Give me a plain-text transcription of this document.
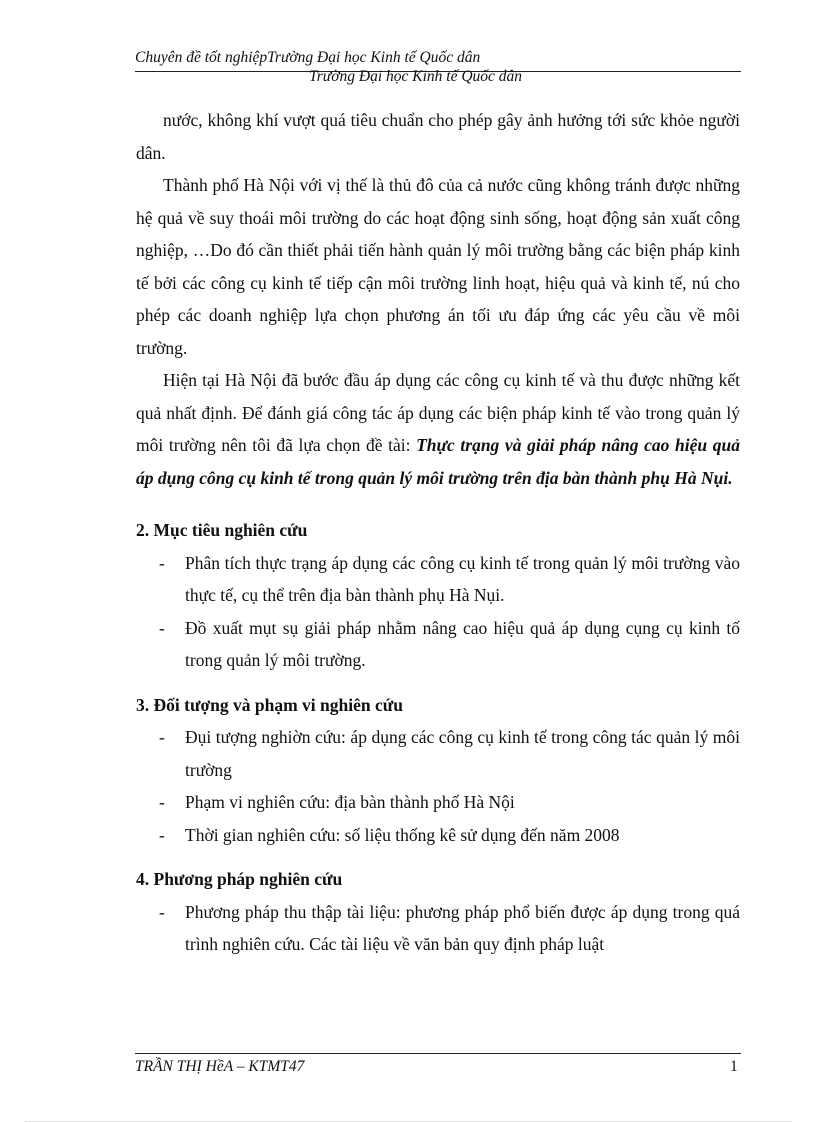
Chuyên đề tốt nghiệpTrường Đại học Kinh tế Quốc dân
Trường Đại học Kinh tế Quốc dân

nước, không khí vượt quá tiêu chuẩn cho phép gây ảnh hưởng tới sức khỏe người dân.

Thành phố Hà Nội với vị thế là thủ đô của cả nước cũng không tránh được những hệ quả về suy thoái môi trường do các hoạt động sinh sống, hoạt động sản xuất công nghiệp, …Do đó cần thiết phải tiến hành quản lý môi trường bằng các biện pháp kinh tế bởi các công cụ kinh tế tiếp cận môi trường linh hoạt, hiệu quả và kinh tế, nú cho phép các doanh nghiệp lựa chọn phương án tối ưu đáp ứng các yêu cầu về môi trường.

Hiện tại Hà Nội đã bước đầu áp dụng các công cụ kinh tế và thu được những kết quả nhất định. Để đánh giá công tác áp dụng các biện pháp kinh tế vào trong quản lý môi trường nên tôi đã lựa chọn đề tài: Thực trạng và giải pháp nâng cao hiệu quả áp dụng công cụ kinh tế trong quản lý môi trường trên địa bàn thành phụ Hà Nụi.

2. Mục tiêu nghiên cứu

- Phân tích thực trạng áp dụng các công cụ kinh tế trong quản lý môi trường vào thực tế, cụ thể trên địa bàn thành phụ Hà Nụi.
- Đồ xuất mụt sụ giải pháp nhằm nâng cao hiệu quả áp dụng cụng cụ kinh tố trong quản lý môi trường.

3. Đối tượng và phạm vi nghiên cứu

- Đụi tượng nghiờn cứu: áp dụng các công cụ kinh tế trong công tác quản lý môi trường
- Phạm vi nghiên cứu: địa bàn thành phố Hà Nội
- Thời gian nghiên cứu: số liệu thống kê sử dụng đến năm 2008

4. Phương pháp nghiên cứu

- Phương pháp thu thập tài liệu: phương pháp phổ biến được áp dụng trong quá trình nghiên cứu. Các tài liệu về văn bản quy định pháp luật
TRẦN THỊ HềA – KTMT47	1
